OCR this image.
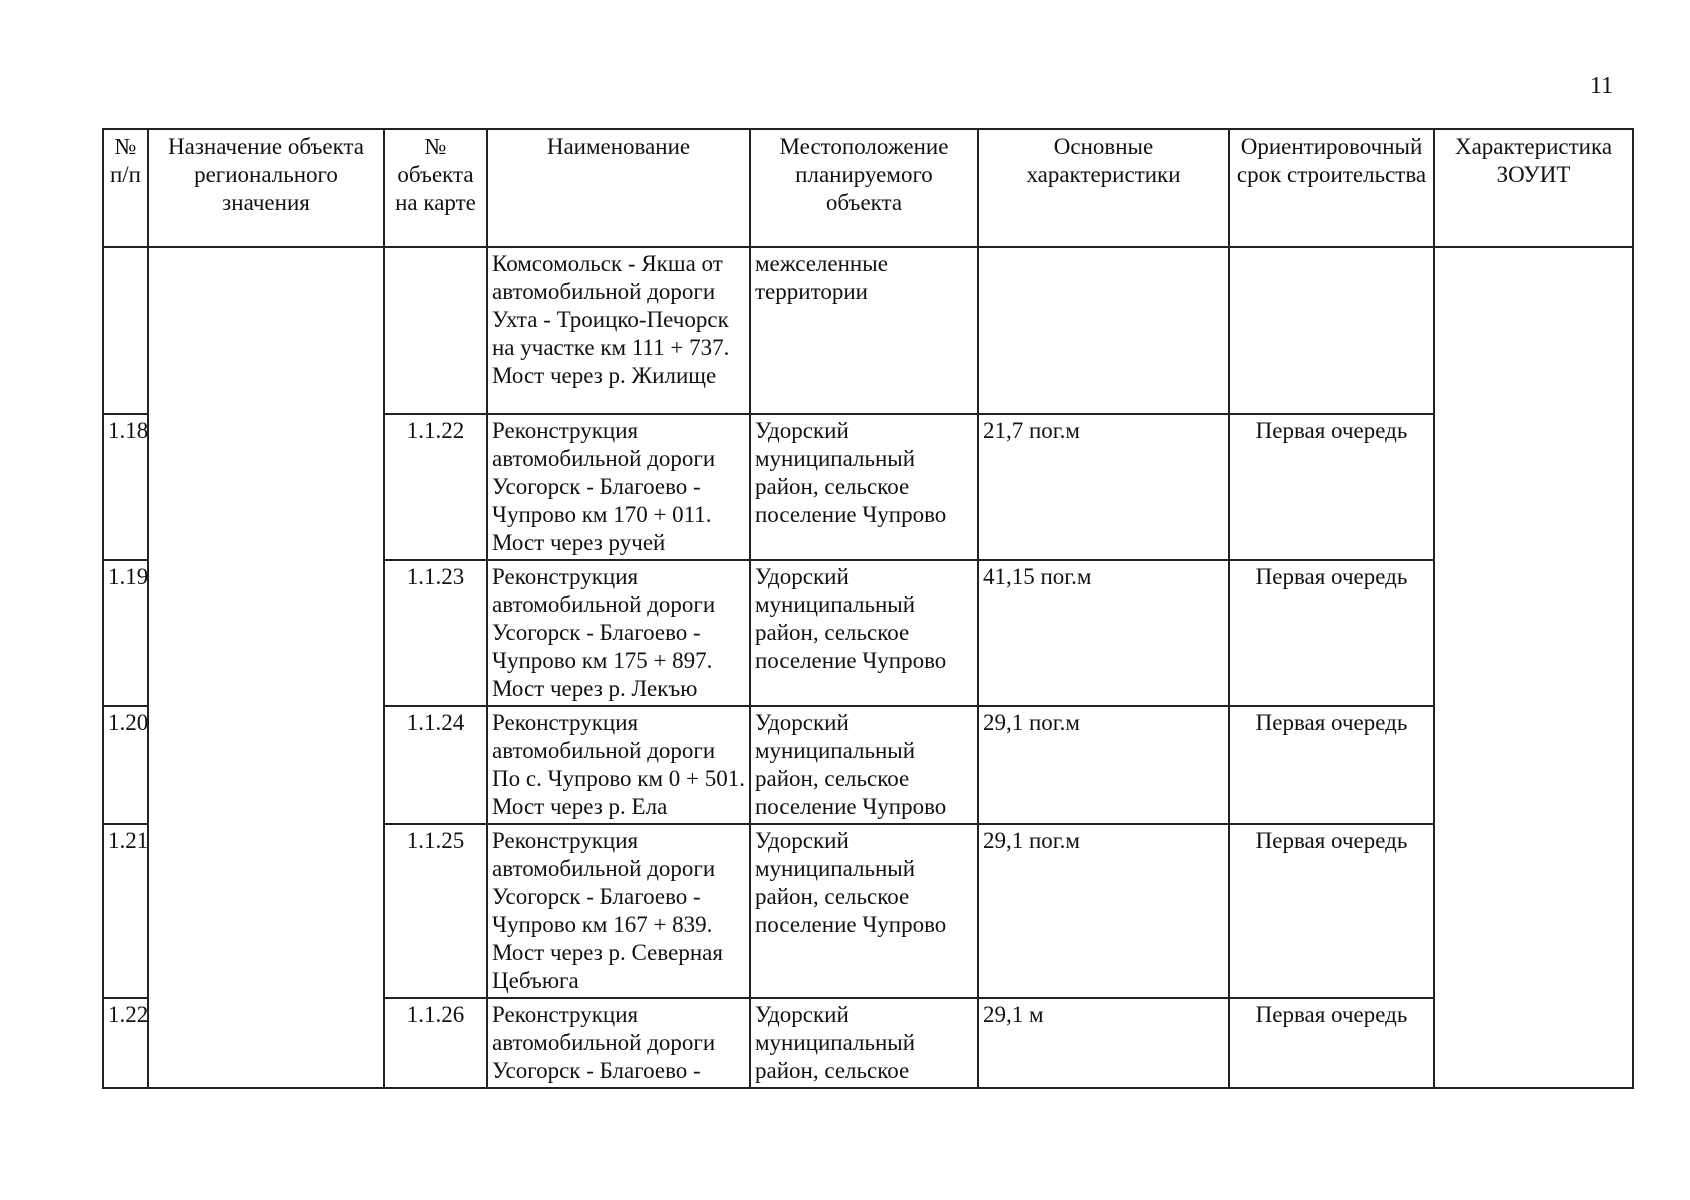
11
№ п/п	Назначение объекта регионального значения	№ объекта на карте	Наименование	Местоположение планируемого объекта	Основные характеристики	Ориентировочный срок строительства	Характеристика ЗОУИТ
			Комсомольск - Якша от автомобильной дороги Ухта - Троицко-Печорск на участке км 111 + 737. Мост через р. Жилище	межселенные территории			
1.18		1.1.22	Реконструкция автомобильной дороги Усогорск - Благоево - Чупрово км 170 + 011. Мост через ручей	Удорский муниципальный район, сельское поселение Чупрово	21,7 пог.м	Первая очередь	
1.19		1.1.23	Реконструкция автомобильной дороги Усогорск - Благоево - Чупрово км 175 + 897. Мост через р. Лекъю	Удорский муниципальный район, сельское поселение Чупрово	41,15 пог.м	Первая очередь	
1.20		1.1.24	Реконструкция автомобильной дороги По с. Чупрово км 0 + 501. Мост через р. Ела	Удорский муниципальный район, сельское поселение Чупрово	29,1 пог.м	Первая очередь	
1.21		1.1.25	Реконструкция автомобильной дороги Усогорск - Благоево - Чупрово км 167 + 839. Мост через р. Северная Цебъюга	Удорский муниципальный район, сельское поселение Чупрово	29,1 пог.м	Первая очередь	
1.22		1.1.26	Реконструкция автомобильной дороги Усогорск - Благоево -	Удорский муниципальный район, сельское	29,1 м	Первая очередь	
